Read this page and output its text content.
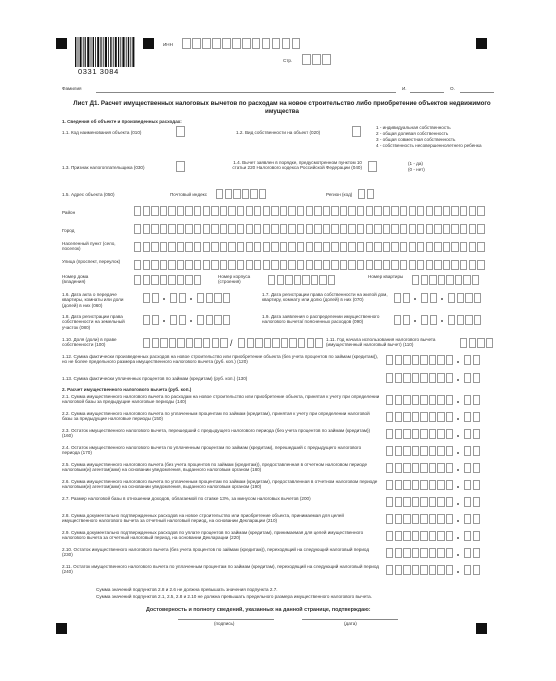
0331 3084
ИНН
Стр.
Фамилия	И.	О.
Лист Д1. Расчет имущественных налоговых вычетов по расходам на новое строительство либо приобретение объектов недвижимого имущества
1. Сведения об объекте и произведенных расходах:
1.1. Код наименования объекта (010)	1.2. Вид собственности на объект (020)
1 - индивидуальная собственность
2 - общая долевая собственность
3 - общая совместная собственность
4 - собственность несовершеннолетнего ребенка
1.3. Признак налогоплательщика (030)
1.4. Вычет заявлен в порядке, предусмотренном пунктом 10 статьи 220 Налогового кодекса Российской Федерации (040)
(1 - да)
(0 - нет)
1.5. Адрес объекта (050)	Почтовый индекс	Регион (код)
Район
Город
Населенный пункт (село, поселок)
Улица (проспект, переулок)
Номер дома (владения)
Номер корпуса (строения)
Номер квартиры
1.6. Дата акта о передаче квартиры, комнаты или доли (долей) в них (060)
1.7. Дата регистрации права собственности на жилой дом, квартиру, комнату или долю (долей) в них (070)
1.8. Дата регистрации права собственности на земельный участок (080)
1.9. Дата заявления о распределении имущественного налогового вычета/ поясненных расходов (090)
1.10. Доля (доли) в праве собственности (100)	/	1.11. Год начала использования налогового вычета (имущественный налоговый вычет) (110)
1.12. Сумма фактически произведенных расходов на новое строительство или приобретение объекта (без учета процентов по займам (кредитам)), но не более предельного размера имущественного налогового вычета (руб. коп.) (120)
1.13. Сумма фактически уплаченных процентов по займам (кредитам) (руб. коп.) (130)
2. Расчет имущественного налогового вычета (руб. коп.)
Сумма значений подпунктов 2.8 и 2.6 не должна превышать значения подпункта 2.7.
Сумма значений подпунктов 2.1, 2.5, 2.8 и 2.10 не должна превышать предельного размера имущественного налогового вычета.
Достоверность и полноту сведений, указанных на данной странице, подтверждаю:
(подпись)	(дата)
2.1. Сумма имущественного налогового вычета по расходам на новое строительство или приобретение объекта, принятая к учету при определении налоговой базы за предыдущие налоговые периоды (140)
2.2. Сумма имущественного налогового вычета по уплаченным процентам по займам (кредитам), принятая к учету при определении налоговой базы за предыдущие налоговые периоды (150)
2.3. Остаток имущественного налогового вычета, перешедший с предыдущего налогового периода (без учета процентов по займам (кредитам)) (160)
2.4. Остаток имущественного налогового вычета по уплаченным процентам по займам (кредитам), перешедший с предыдущего налогового периода (170)
2.5. Сумма имущественного налогового вычета (без учета процентов по займам (кредитам)), предоставленная в отчетном налоговом периоде налоговым(и) агентом(ами) на основании уведомления, выданного налоговым органом (180)
2.6. Сумма имущественного налогового вычета по уплаченным процентам по займам (кредитам), предоставленная в отчетном налоговом периоде налоговым(и) агентом(ами) на основании уведомления, выданного налоговым органом (190)
2.7. Размер налоговой базы в отношении доходов, облагаемой по ставке 13%, за минусом налоговых вычетов (200)
2.8. Сумма документально подтвержденных расходов на новое строительство или приобретение объекта, принимаемая для целей имущественного налогового вычета за отчетный налоговый период, на основании Декларации (210)
2.9. Сумма документально подтвержденных расходов по уплате процентов по займам (кредитам), принимаемая для целей имущественного налогового вычета за отчетный налоговый период, на основании Декларации (220)
2.10. Остаток имущественного налогового вычета (без учета процентов по займам (кредитам)), переходящий на следующий налоговый период (230)
2.11. Остаток имущественного налогового вычета по уплаченным процентам по займам (кредитам), переходящий на следующий налоговый период (240)
